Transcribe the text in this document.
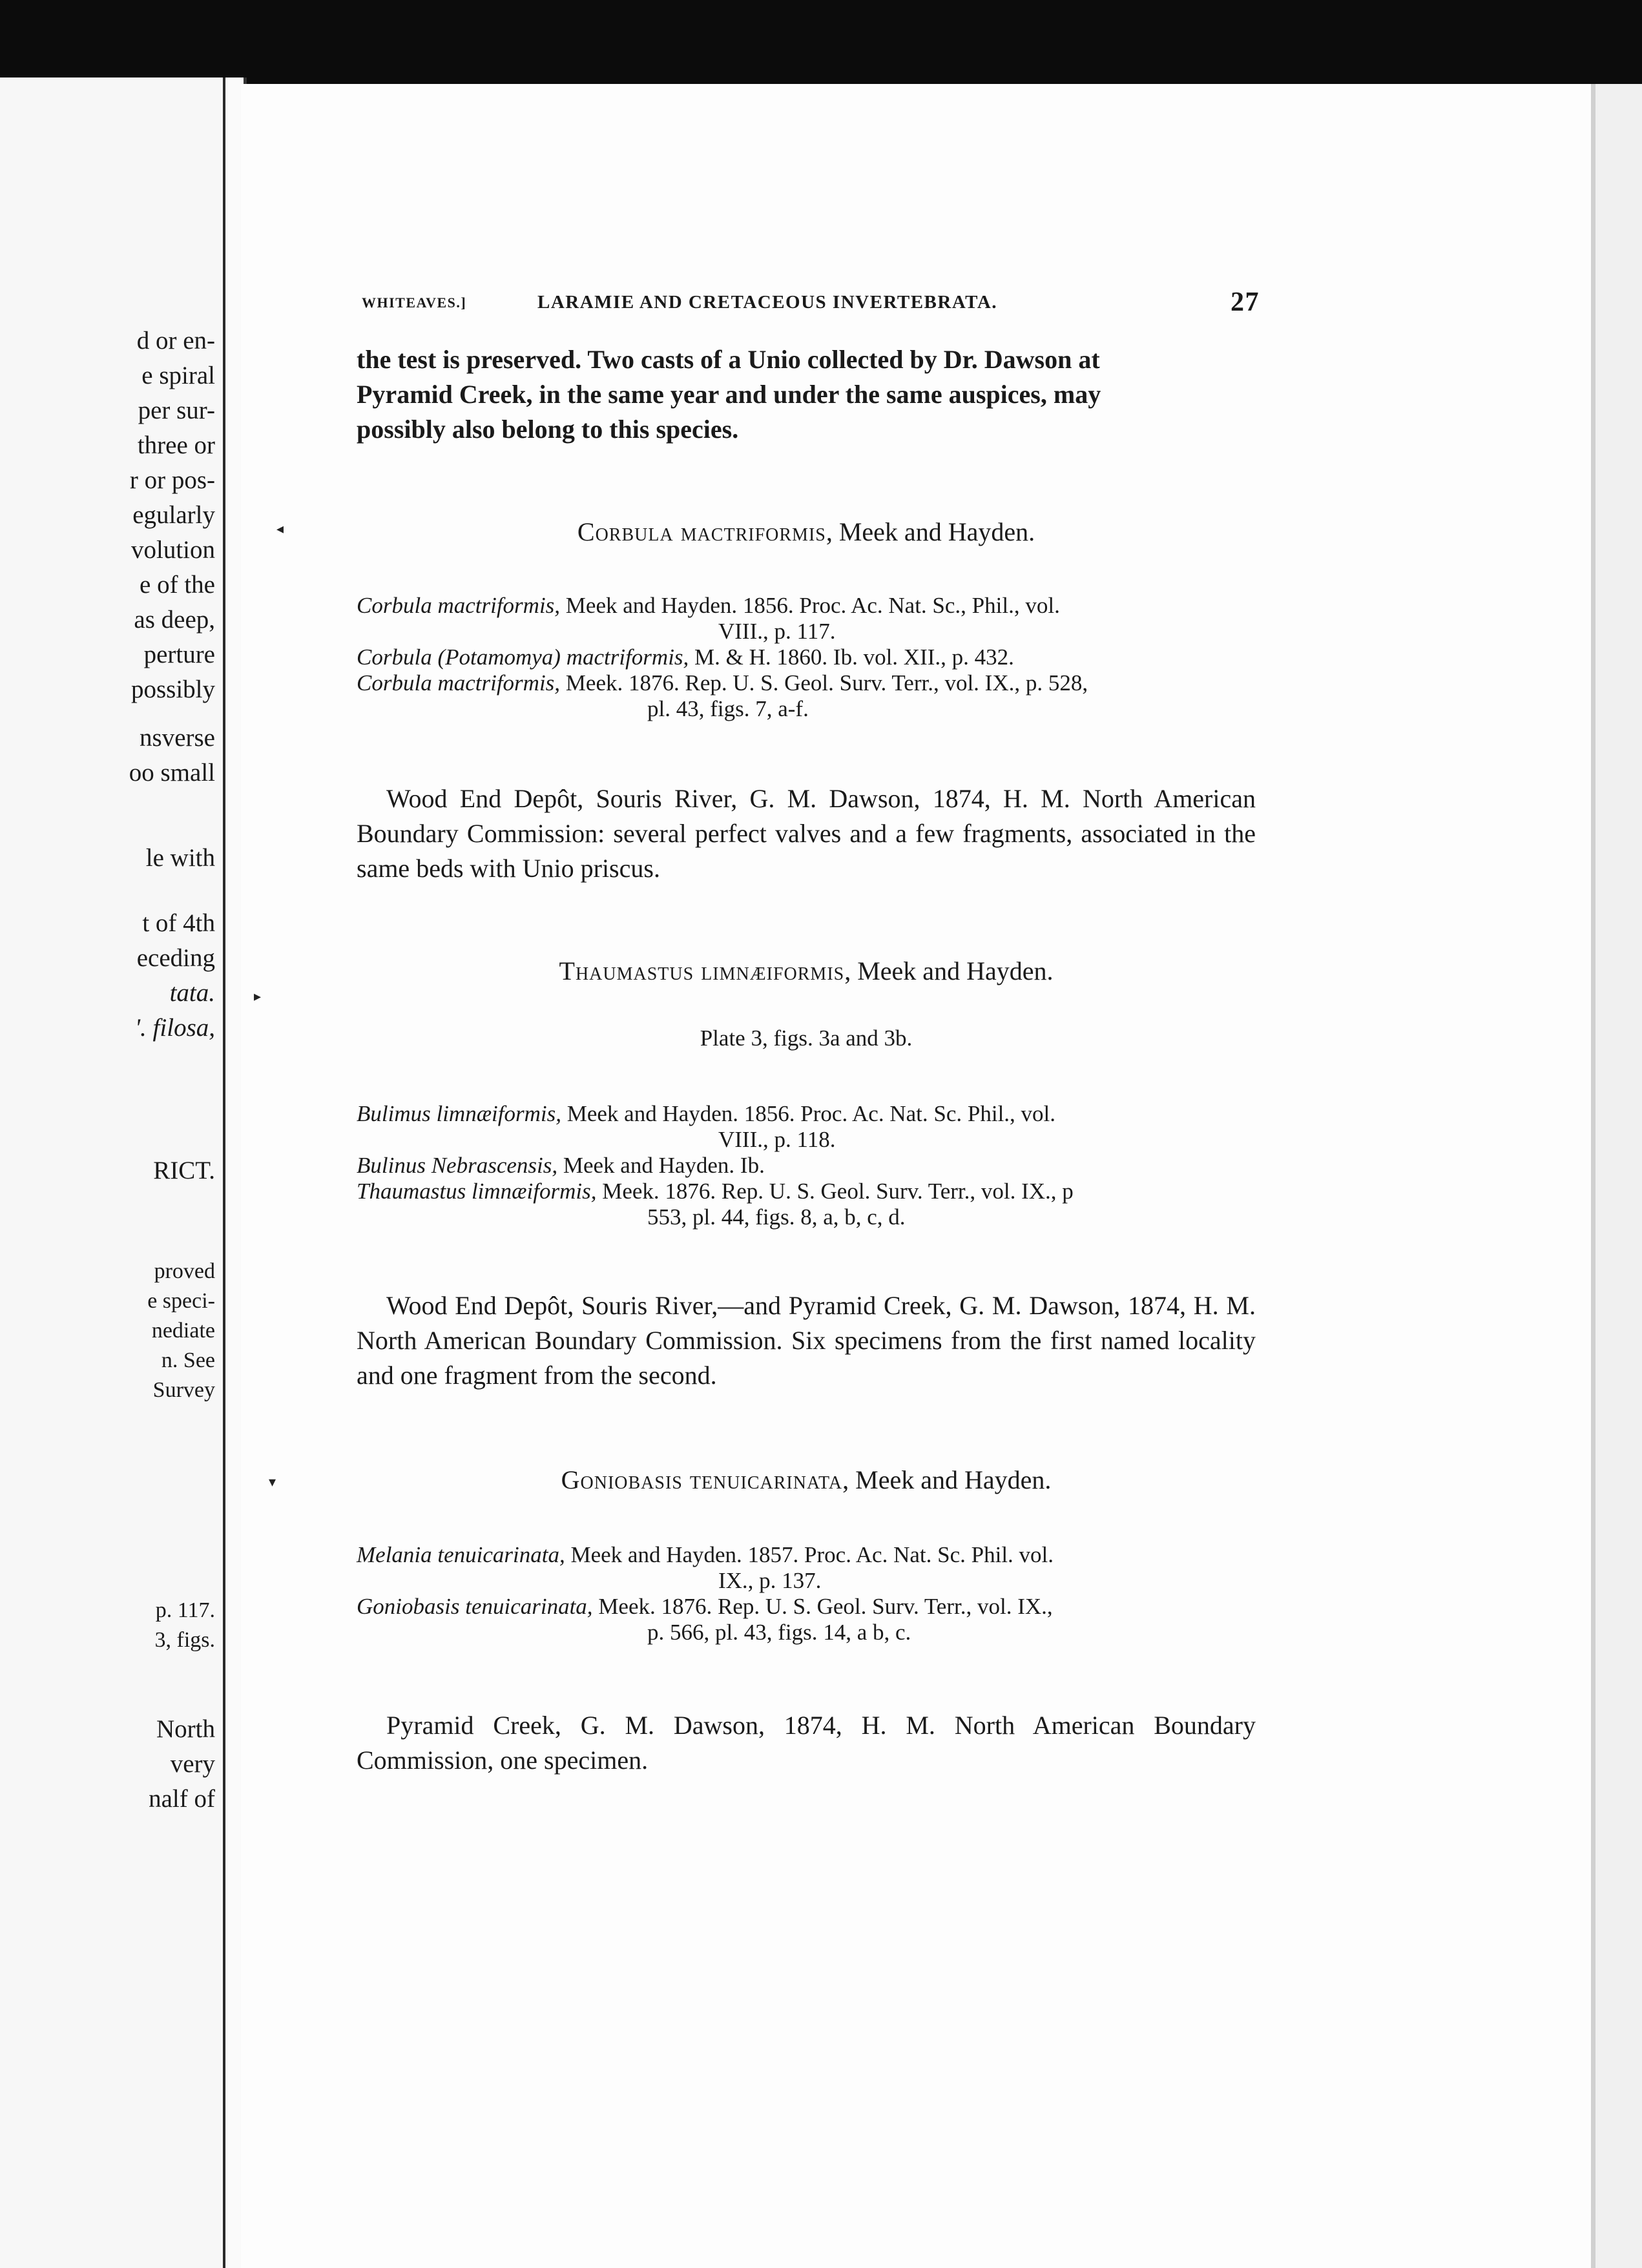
d or en-
e spiral
per sur-
three or
r or pos-
egularly
volution
e of the
as deep,
perture
possibly
nsverse
oo small
le with
t of 4th
eceding
tata.
'. filosa,
RICT.
proved
e speci-
nediate
n. See
Survey
p. 117.
3, figs.
North
very
nalf of
◂
▸
▾
WHITEAVES.]	LARAMIE AND CRETACEOUS INVERTEBRATA.	27
the test is preserved. Two casts of a Unio collected by Dr. Dawson at
Pyramid Creek, in the same year and under the same auspices, may
possibly also belong to this species.
Corbula mactriformis, Meek and Hayden.

Corbula mactriformis, Meek and Hayden. 1856. Proc. Ac. Nat. Sc., Phil., vol.

VIII., p. 117.

Corbula (Potamomya) mactriformis, M. & H. 1860. Ib. vol. XII., p. 432.

Corbula mactriformis, Meek. 1876. Rep. U. S. Geol. Surv. Terr., vol. IX., p. 528,

pl. 43, figs. 7, a-f.

Wood End Depôt, Souris River, G. M. Dawson, 1874, H. M. North American Boundary Commission: several perfect valves and a few fragments, associated in the same beds with Unio priscus.
Thaumastus limnæiformis, Meek and Hayden.
Plate 3, figs. 3a and 3b.

Bulimus limnæiformis, Meek and Hayden. 1856. Proc. Ac. Nat. Sc. Phil., vol.

VIII., p. 118.

Bulinus Nebrascensis, Meek and Hayden. Ib.

Thaumastus limnæiformis, Meek. 1876. Rep. U. S. Geol. Surv. Terr., vol. IX., p

553, pl. 44, figs. 8, a, b, c, d.

Wood End Depôt, Souris River,—and Pyramid Creek, G. M. Dawson, 1874, H. M. North American Boundary Commission. Six specimens from the first named locality and one fragment from the second.
Goniobasis tenuicarinata, Meek and Hayden.

Melania tenuicarinata, Meek and Hayden. 1857. Proc. Ac. Nat. Sc. Phil. vol.

IX., p. 137.

Goniobasis tenuicarinata, Meek. 1876. Rep. U. S. Geol. Surv. Terr., vol. IX.,

p. 566, pl. 43, figs. 14, a b, c.

Pyramid Creek, G. M. Dawson, 1874, H. M. North American Boundary Commission, one specimen.
